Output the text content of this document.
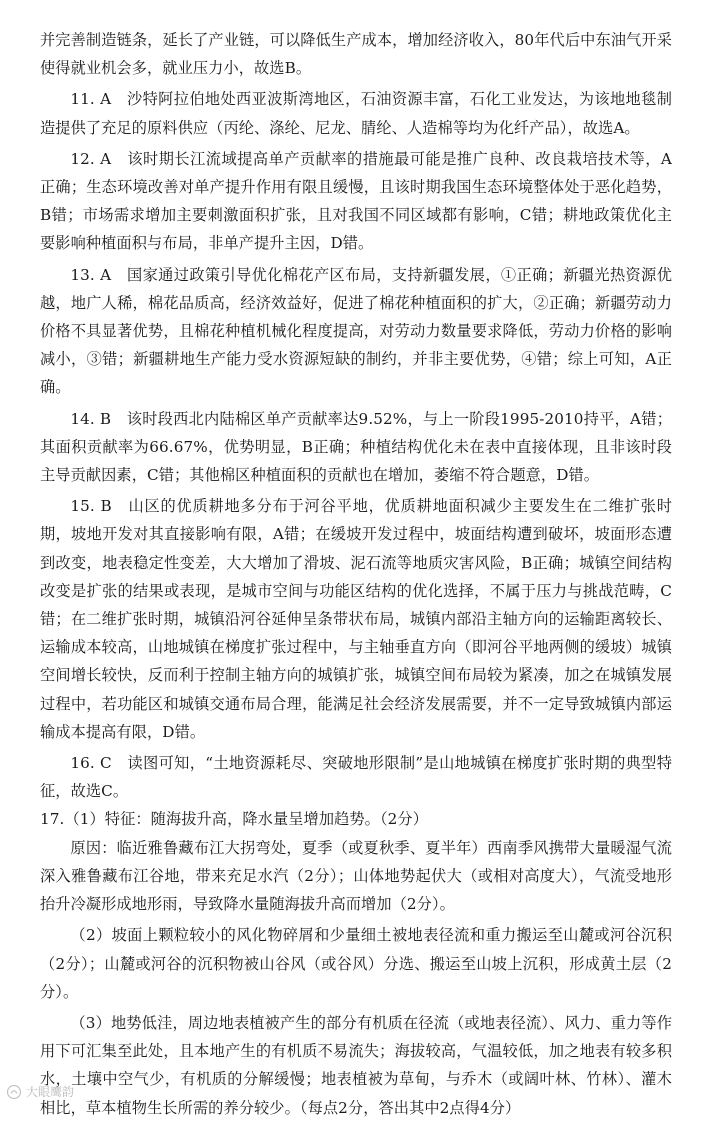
并完善制造链条，延长了产业链，可以降低生产成本，增加经济收入，80年代后中东油气开采使得就业机会多，就业压力小，故选B。

11. A　沙特阿拉伯地处西亚波斯湾地区，石油资源丰富，石化工业发达，为该地地毯制造提供了充足的原料供应（丙纶、涤纶、尼龙、腈纶、人造棉等均为化纤产品），故选A。

12. A　该时期长江流域提高单产贡献率的措施最可能是推广良种、改良栽培技术等，A正确；生态环境改善对单产提升作用有限且缓慢，且该时期我国生态环境整体处于恶化趋势，B错；市场需求增加主要刺激面积扩张，且对我国不同区域都有影响，C错；耕地政策优化主要影响种植面积与布局，非单产提升主因，D错。

13. A　国家通过政策引导优化棉花产区布局，支持新疆发展，①正确；新疆光热资源优越，地广人稀，棉花品质高，经济效益好，促进了棉花种植面积的扩大，②正确；新疆劳动力价格不具显著优势，且棉花种植机械化程度提高，对劳动力数量要求降低，劳动力价格的影响减小，③错；新疆耕地生产能力受水资源短缺的制约，并非主要优势，④错；综上可知，A正确。

14. B　该时段西北内陆棉区单产贡献率达9.52%，与上一阶段1995-2010持平，A错；其面积贡献率为66.67%，优势明显，B正确；种植结构优化未在表中直接体现，且非该时段主导贡献因素，C错；其他棉区种植面积的贡献也在增加，萎缩不符合题意，D错。

15. B　山区的优质耕地多分布于河谷平地，优质耕地面积减少主要发生在二维扩张时期，坡地开发对其直接影响有限，A错；在缓坡开发过程中，坡面结构遭到破坏，坡面形态遭到改变，地表稳定性变差，大大增加了滑坡、泥石流等地质灾害风险，B正确；城镇空间结构改变是扩张的结果或表现，是城市空间与功能区结构的优化选择，不属于压力与挑战范畴，C错；在二维扩张时期，城镇沿河谷延伸呈条带状布局，城镇内部沿主轴方向的运输距离较长、运输成本较高，山地城镇在梯度扩张过程中，与主轴垂直方向（即河谷平地两侧的缓坡）城镇空间增长较快，反而利于控制主轴方向的城镇扩张，城镇空间布局较为紧凑，加之在城镇发展过程中，若功能区和城镇交通布局合理，能满足社会经济发展需要，并不一定导致城镇内部运输成本提高有限，D错。

16. C　读图可知，“土地资源耗尽、突破地形限制”是山地城镇在梯度扩张时期的典型特征，故选C。

17.（1）特征：随海拔升高，降水量呈增加趋势。（2分）

原因：临近雅鲁藏布江大拐弯处，夏季（或夏秋季、夏半年）西南季风携带大量暖湿气流深入雅鲁藏布江谷地，带来充足水汽（2分）；山体地势起伏大（或相对高度大），气流受地形抬升冷凝形成地形雨，导致降水量随海拔升高而增加（2分）。

（2）坡面上颗粒较小的风化物碎屑和少量细土被地表径流和重力搬运至山麓或河谷沉积（2分）；山麓或河谷的沉积物被山谷风（或谷风）分选、搬运至山坡上沉积，形成黄土层（2分）。

（3）地势低洼，周边地表植被产生的部分有机质在径流（或地表径流）、风力、重力等作用下可汇集至此处，且本地产生的有机质不易流失；海拔较高，气温较低，加之地表有较多积水，土壤中空气少，有机质的分解缓慢；地表植被为草甸，与乔木（或阔叶林、竹林）、灌木相比，草本植物生长所需的养分较少。（每点2分，答出其中2点得4分）

大眼鹰韵
